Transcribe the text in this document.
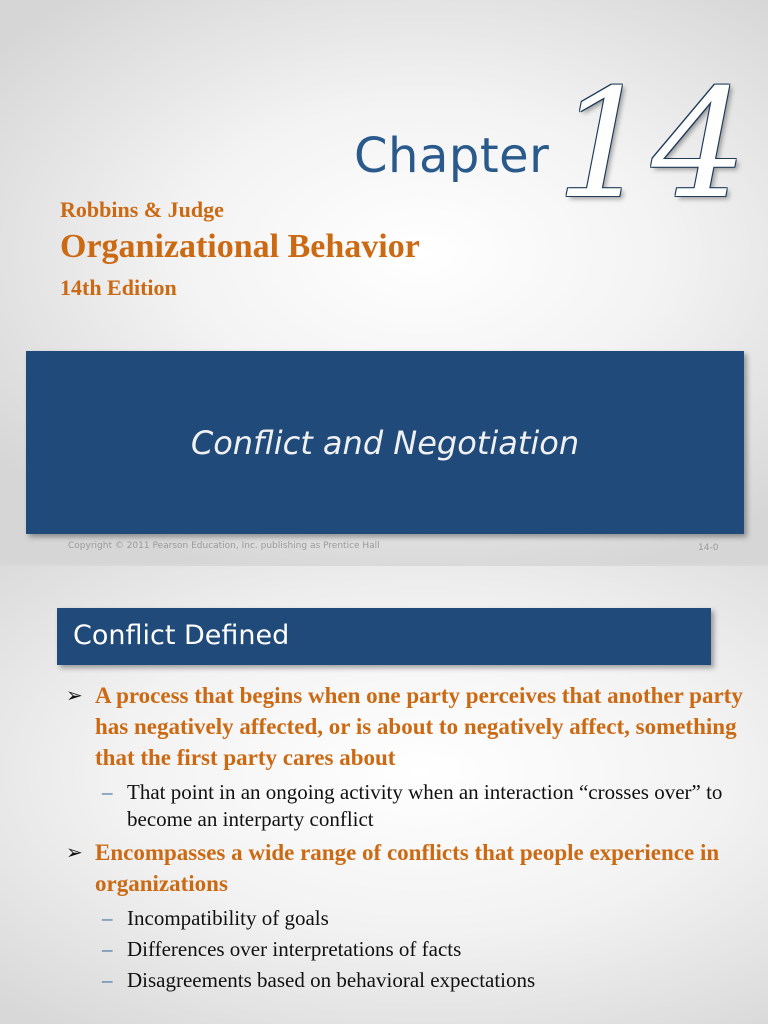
Chapter 14
Robbins & Judge
Organizational Behavior
14th Edition
Conflict and Negotiation
Copyright © 2011 Pearson Education, Inc. publishing as Prentice Hall	14-0
Conflict Defined
➢ A process that begins when one party perceives that another party has negatively affected, or is about to negatively affect, something that the first party cares about
– That point in an ongoing activity when an interaction “crosses over” to become an interparty conflict
➢ Encompasses a wide range of conflicts that people experience in organizations
– Incompatibility of goals
– Differences over interpretations of facts
– Disagreements based on behavioral expectations
